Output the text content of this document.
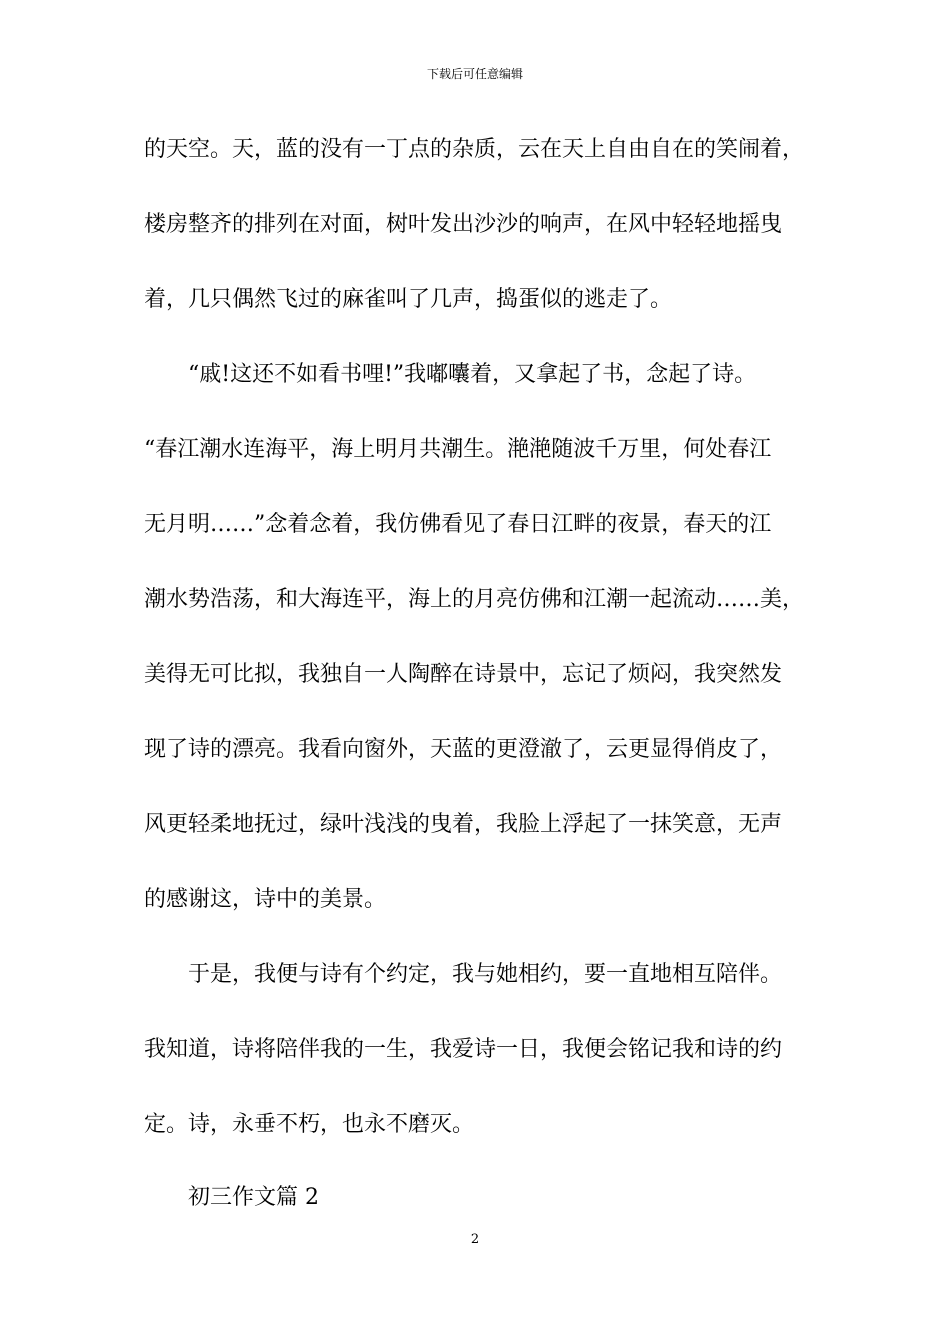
下载后可任意编辑
的天空。天，蓝的没有一丁点的杂质，云在天上自由自在的笑闹着，
楼房整齐的排列在对面，树叶发出沙沙的响声，在风中轻轻地摇曳
着，几只偶然飞过的麻雀叫了几声，捣蛋似的逃走了。
“戚!这还不如看书哩!”我嘟囔着，又拿起了书，念起了诗。
“春江潮水连海平，海上明月共潮生。滟滟随波千万里，何处春江
无月明……”念着念着，我仿佛看见了春日江畔的夜景，春天的江
潮水势浩荡，和大海连平，海上的月亮仿佛和江潮一起流动……美，
美得无可比拟，我独自一人陶醉在诗景中，忘记了烦闷，我突然发
现了诗的漂亮。我看向窗外，天蓝的更澄澈了，云更显得俏皮了，
风更轻柔地抚过，绿叶浅浅的曳着，我脸上浮起了一抹笑意，无声
的感谢这，诗中的美景。
于是，我便与诗有个约定，我与她相约，要一直地相互陪伴。
我知道，诗将陪伴我的一生，我爱诗一日，我便会铭记我和诗的约
定。诗，永垂不朽，也永不磨灭。
初三作文篇 2
2
